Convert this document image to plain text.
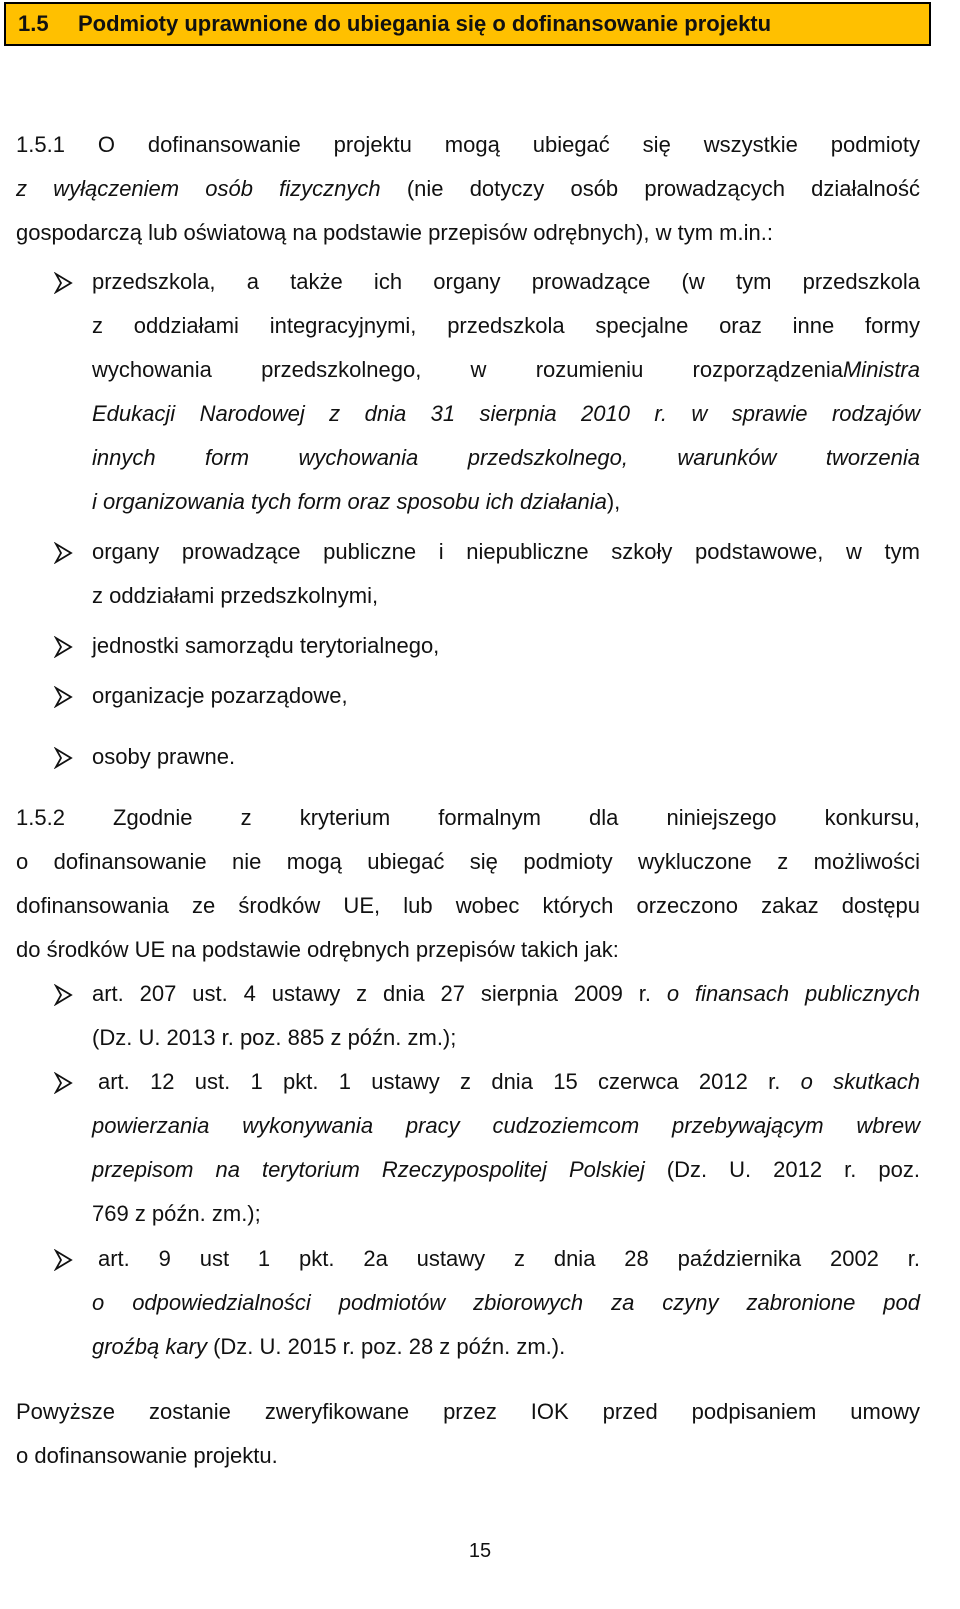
1.5 Podmioty uprawnione do ubiegania się o dofinansowanie projektu
1.5.1 O dofinansowanie projektu mogą ubiegać się wszystkie podmioty
z wyłączeniem osób fizycznych (nie dotyczy osób prowadzących działalność
gospodarczą lub oświatową na podstawie przepisów odrębnych), w tym m.in.:
przedszkola, a także ich organy prowadzące (w tym przedszkola
z oddziałami integracyjnymi, przedszkola specjalne oraz inne formy
wychowania przedszkolnego, w rozumieniu rozporządzeniaMinistra
Edukacji Narodowej z dnia 31 sierpnia 2010 r. w sprawie rodzajów
innych form wychowania przedszkolnego, warunków tworzenia
i organizowania tych form oraz sposobu ich działania),
organy prowadzące publiczne i niepubliczne szkoły podstawowe, w tym
z oddziałami przedszkolnymi,
jednostki samorządu terytorialnego,
organizacje pozarządowe,
osoby prawne.
1.5.2 Zgodnie z kryterium formalnym dla niniejszego konkursu,
o dofinansowanie nie mogą ubiegać się podmioty wykluczone z możliwości
dofinansowania ze środków UE, lub wobec których orzeczono zakaz dostępu
do środków UE na podstawie odrębnych przepisów takich jak:
art. 207 ust. 4 ustawy z dnia 27 sierpnia 2009 r. o finansach publicznych
(Dz. U. 2013 r. poz. 885 z późn. zm.);
art. 12 ust. 1 pkt. 1 ustawy z dnia 15 czerwca 2012 r. o skutkach
powierzania wykonywania pracy cudzoziemcom przebywającym wbrew
przepisom na terytorium Rzeczypospolitej Polskiej (Dz. U. 2012 r. poz.
769 z późn. zm.);
art. 9 ust 1 pkt. 2a ustawy z dnia 28 października 2002 r.
o odpowiedzialności podmiotów zbiorowych za czyny zabronione pod
groźbą kary (Dz. U. 2015 r. poz. 28 z późn. zm.).
Powyższe zostanie zweryfikowane przez IOK przed podpisaniem umowy
o dofinansowanie projektu.
15
